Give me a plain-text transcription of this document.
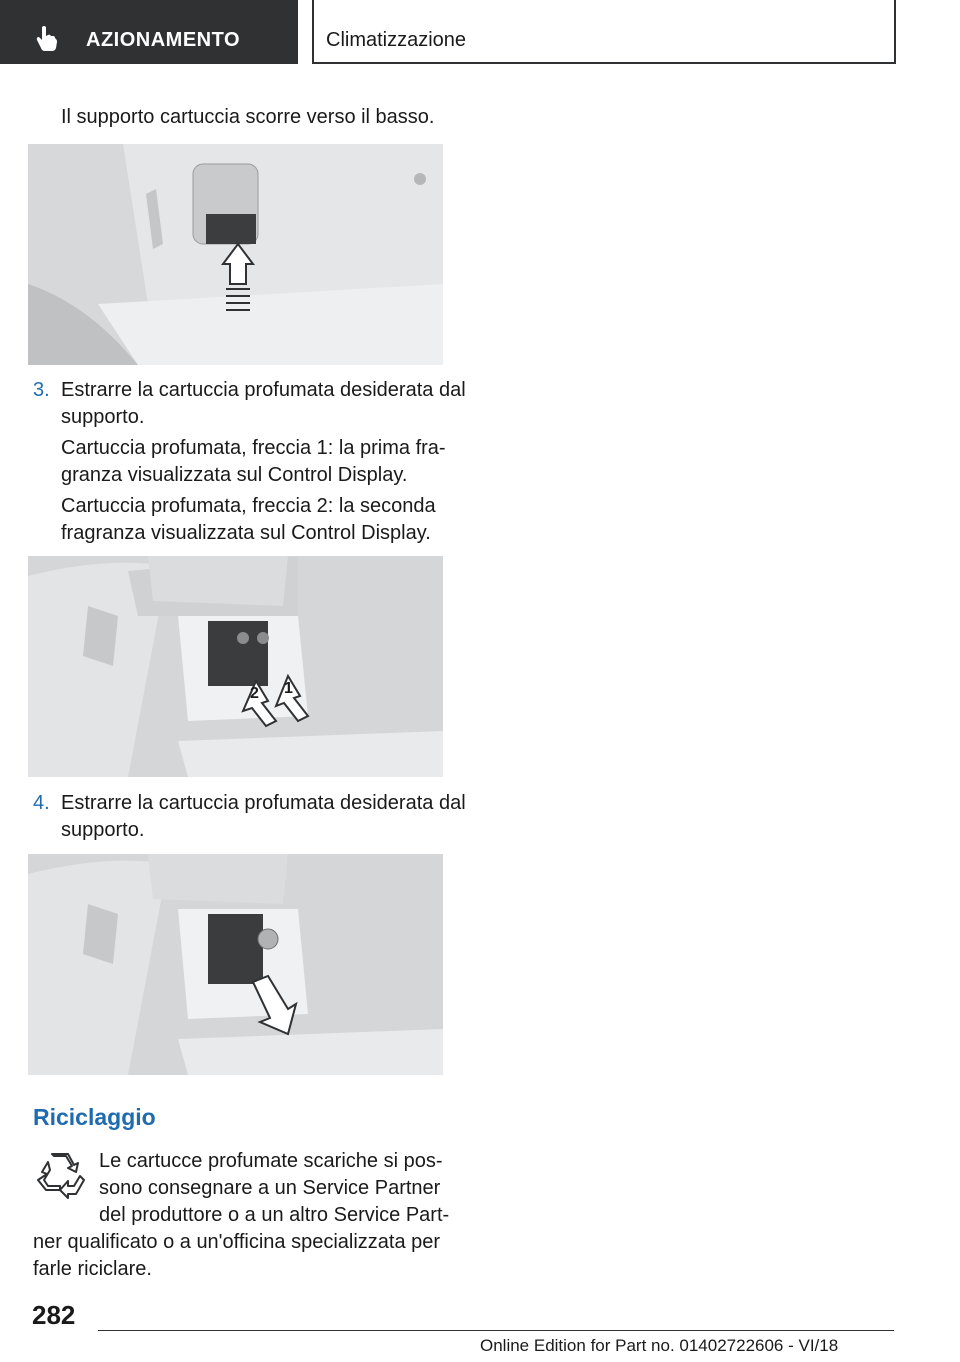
AZIONAMENTO	Climatizzazione
Il supporto cartuccia scorre verso il basso.
3. Estrarre la cartuccia profumata desiderata dal
supporto.
Cartuccia profumata, freccia 1: la prima fra‐
granza visualizzata sul Control Display.
Cartuccia profumata, freccia 2: la seconda
fragranza visualizzata sul Control Display.
2 1
4. Estrarre la cartuccia profumata desiderata dal
supporto.
Riciclaggio
Le cartucce profumate scariche si pos‐
sono consegnare a un Service Partner
del produttore o a un altro Service Part‐
ner qualificato o a un'officina specializzata per
farle riciclare.
282
Online Edition for Part no. 01402722606 - VI/18
